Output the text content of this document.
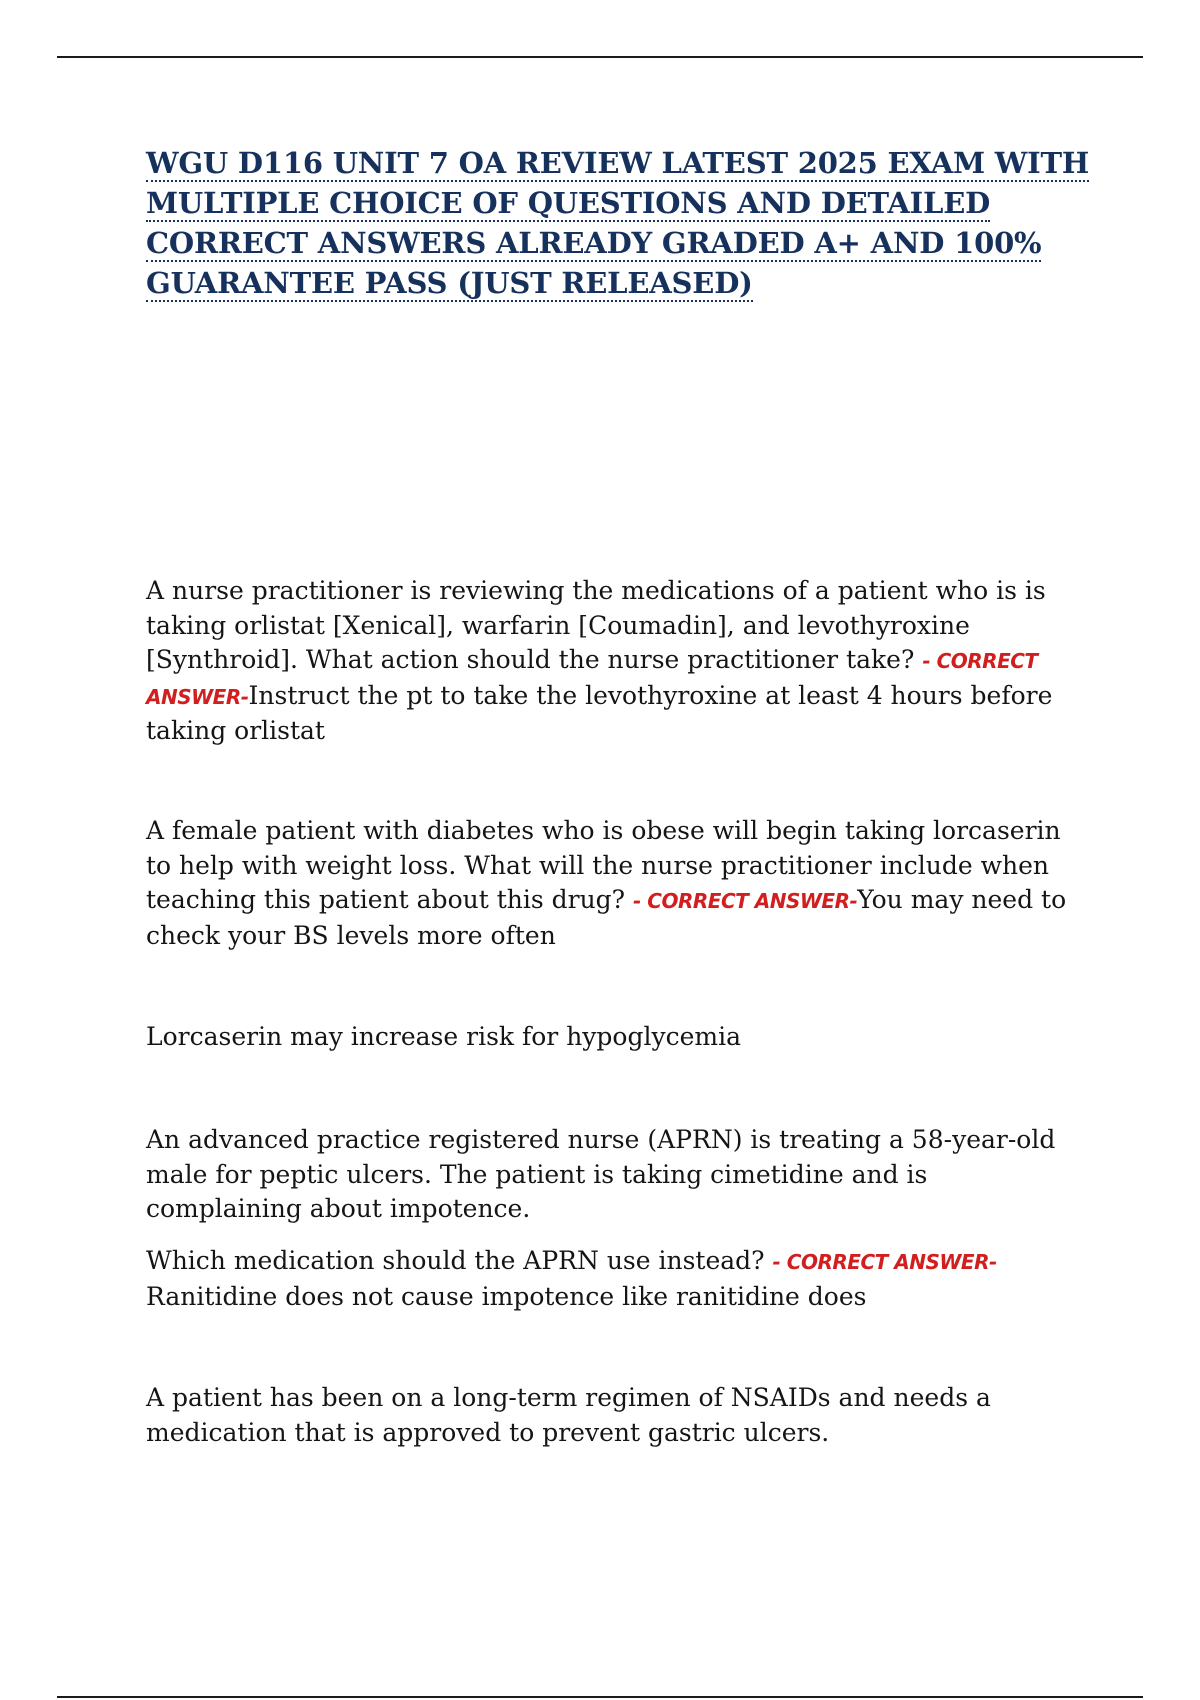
WGU D116 UNIT 7 OA REVIEW LATEST 2025 EXAM WITH MULTIPLE CHOICE OF QUESTIONS AND DETAILED CORRECT ANSWERS ALREADY GRADED A+ AND 100% GUARANTEE PASS (JUST RELEASED)

A nurse practitioner is reviewing the medications of a patient who is is taking orlistat [Xenical], warfarin [Coumadin], and levothyroxine [Synthroid]. What action should the nurse practitioner take? - CORRECT ANSWER-Instruct the pt to take the levothyroxine at least 4 hours before taking orlistat

A female patient with diabetes who is obese will begin taking lorcaserin to help with weight loss. What will the nurse practitioner include when teaching this patient about this drug? - CORRECT ANSWER-You may need to check your BS levels more often

Lorcaserin may increase risk for hypoglycemia

An advanced practice registered nurse (APRN) is treating a 58-year-old male for peptic ulcers. The patient is taking cimetidine and is complaining about impotence.

Which medication should the APRN use instead? - CORRECT ANSWER-Ranitidine does not cause impotence like ranitidine does

A patient has been on a long-term regimen of NSAIDs and needs a medication that is approved to prevent gastric ulcers.
